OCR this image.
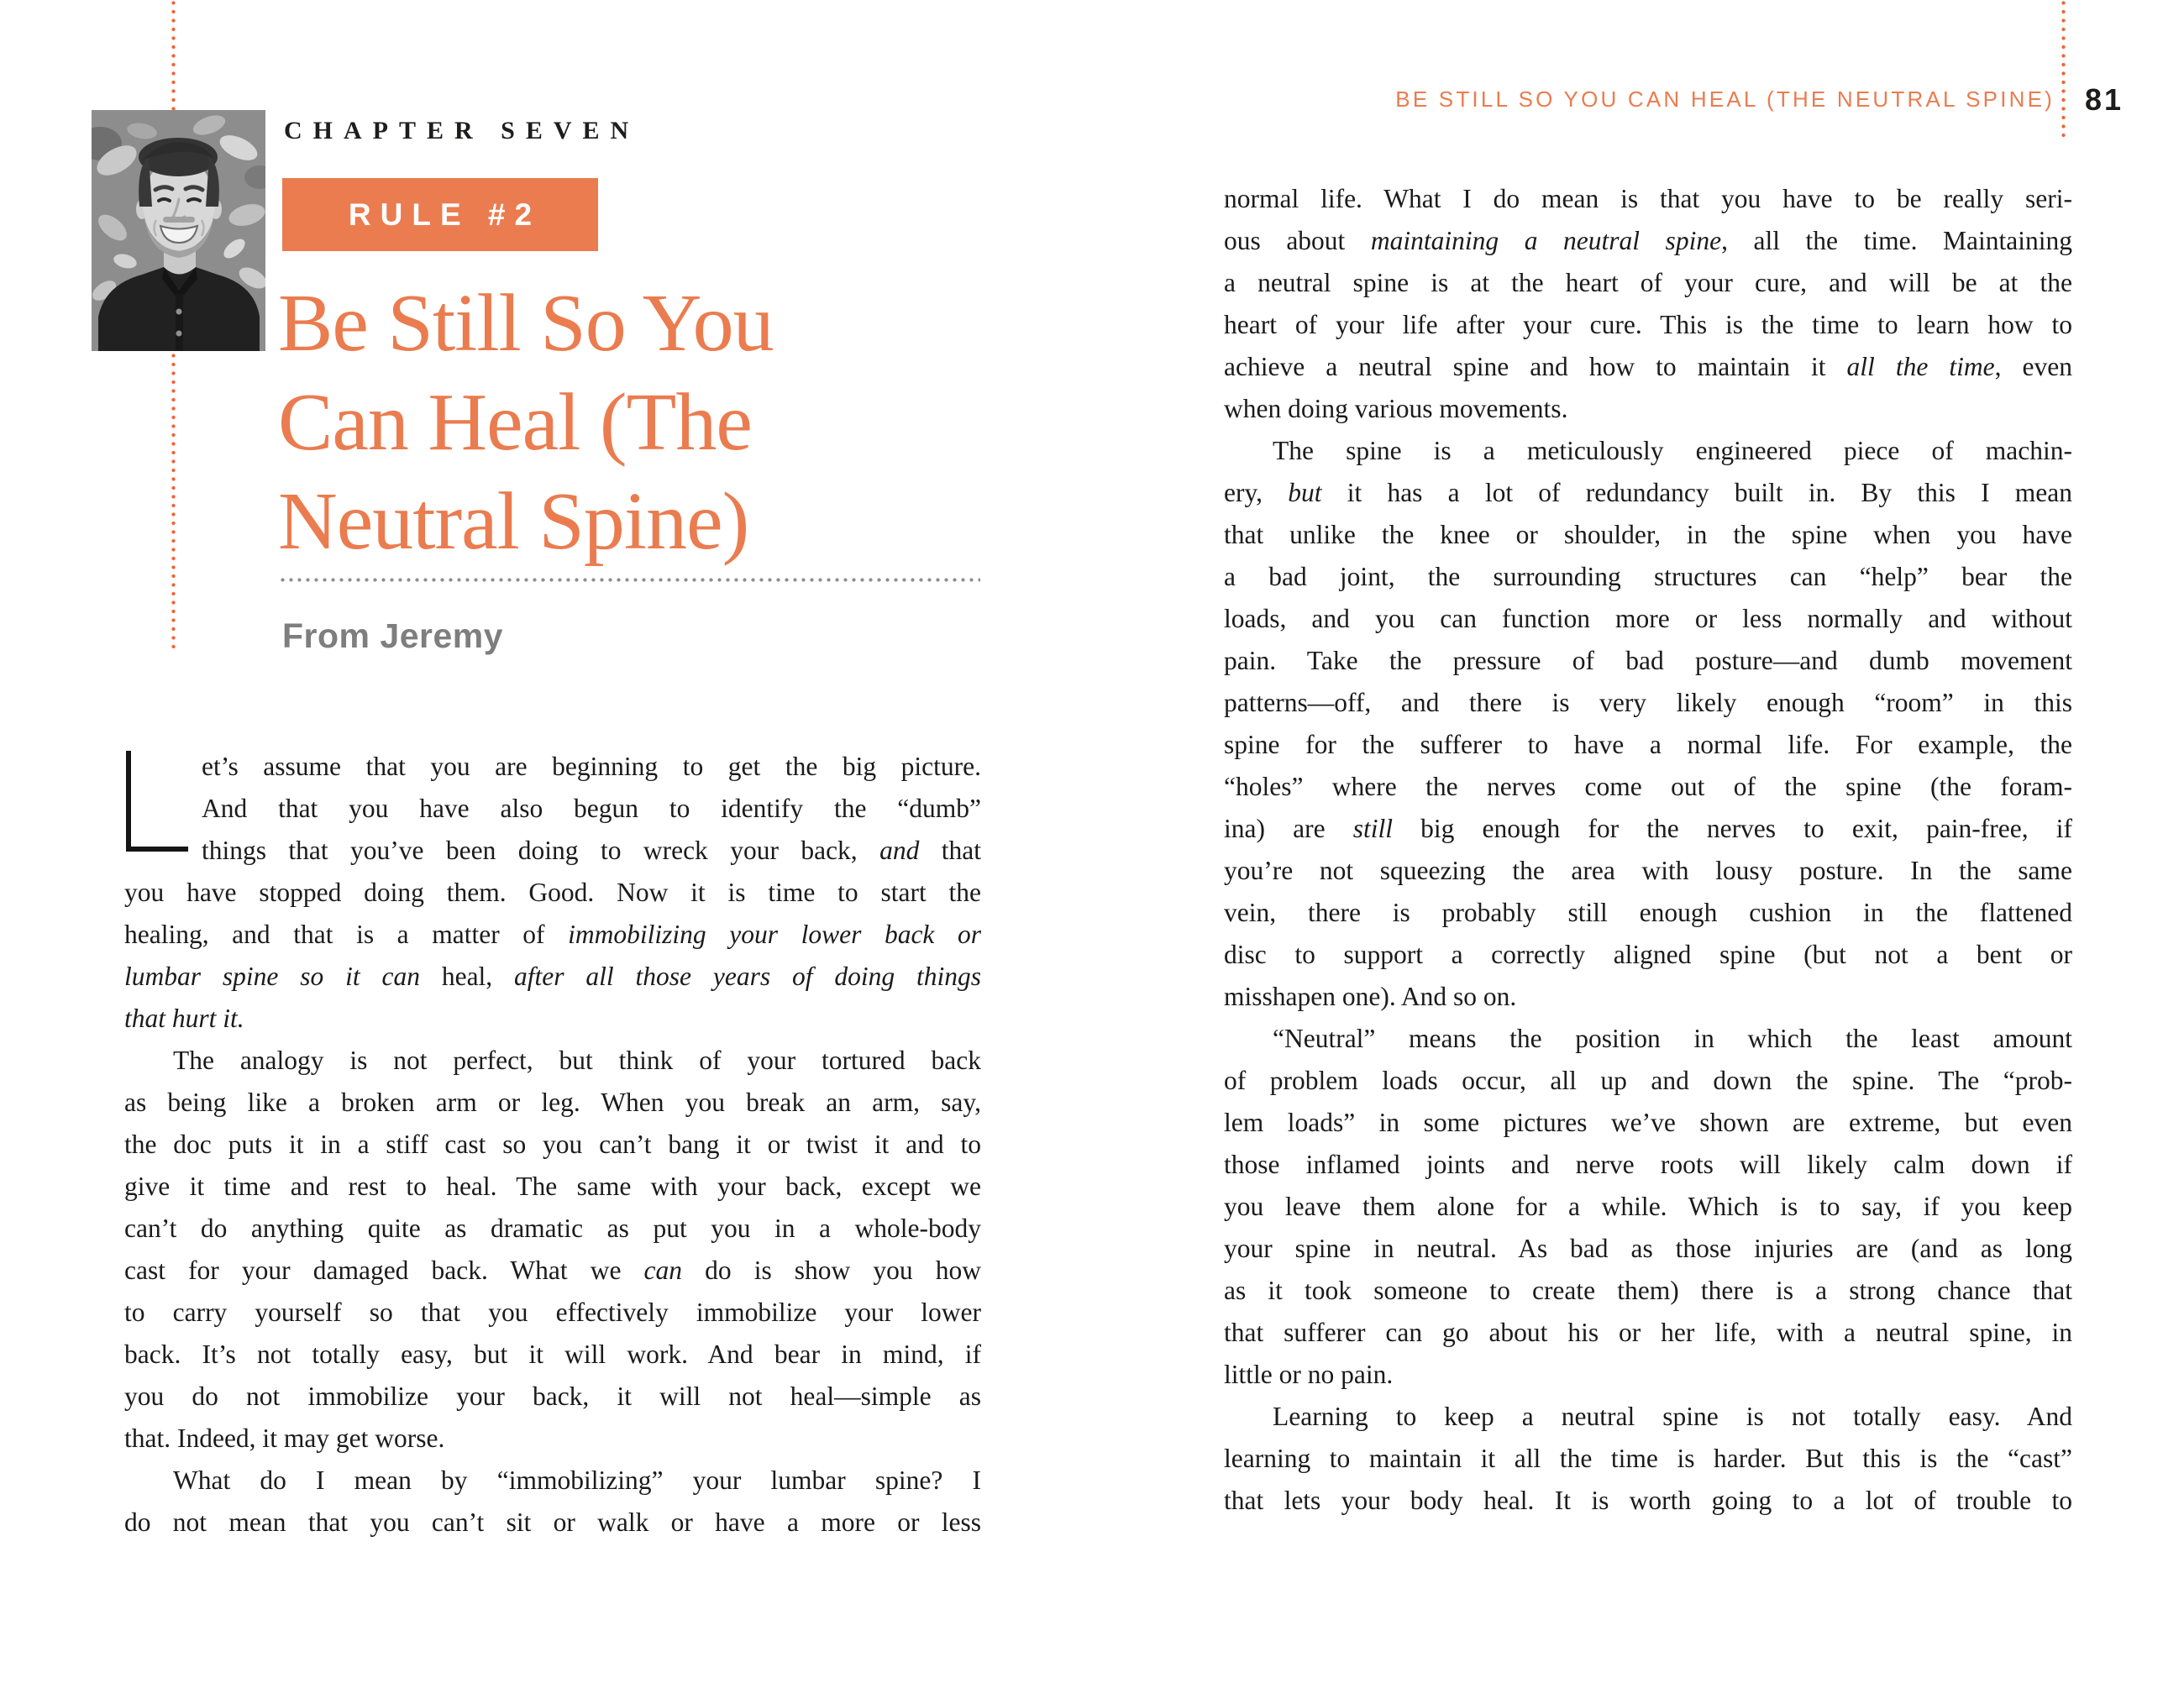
CHAPTER SEVEN
RULE #2
Be Still So You
Can Heal (The
Neutral Spine)
From Jeremy
et’s assume that you are beginning to get the big picture.
And that you have also begun to identify the “dumb”
things that you’ve been doing to wreck your back, and that
you have stopped doing them. Good. Now it is time to start the
healing, and that is a matter of immobilizing your lower back or
lumbar spine so it can heal, after all those years of doing things
that hurt it.
The analogy is not perfect, but think of your tortured back
as being like a broken arm or leg. When you break an arm, say,
the doc puts it in a stiff cast so you can’t bang it or twist it and to
give it time and rest to heal. The same with your back, except we
can’t do anything quite as dramatic as put you in a whole-body
cast for your damaged back. What we can do is show you how
to carry yourself so that you effectively immobilize your lower
back. It’s not totally easy, but it will work. And bear in mind, if
you do not immobilize your back, it will not heal—simple as
that. Indeed, it may get worse.
What do I mean by “immobilizing” your lumbar spine? I
do not mean that you can’t sit or walk or have a more or less
BE STILL SO YOU CAN HEAL (THE NEUTRAL SPINE) 81
normal life. What I do mean is that you have to be really seri-
ous about maintaining a neutral spine, all the time. Maintaining
a neutral spine is at the heart of your cure, and will be at the
heart of your life after your cure. This is the time to learn how to
achieve a neutral spine and how to maintain it all the time, even
when doing various movements.
The spine is a meticulously engineered piece of machin-
ery, but it has a lot of redundancy built in. By this I mean
that unlike the knee or shoulder, in the spine when you have
a bad joint, the surrounding structures can “help” bear the
loads, and you can function more or less normally and without
pain. Take the pressure of bad posture—and dumb movement
patterns—off, and there is very likely enough “room” in this
spine for the sufferer to have a normal life. For example, the
“holes” where the nerves come out of the spine (the foram-
ina) are still big enough for the nerves to exit, pain-free, if
you’re not squeezing the area with lousy posture. In the same
vein, there is probably still enough cushion in the flattened
disc to support a correctly aligned spine (but not a bent or
misshapen one). And so on.
“Neutral” means the position in which the least amount
of problem loads occur, all up and down the spine. The “prob-
lem loads” in some pictures we’ve shown are extreme, but even
those inflamed joints and nerve roots will likely calm down if
you leave them alone for a while. Which is to say, if you keep
your spine in neutral. As bad as those injuries are (and as long
as it took someone to create them) there is a strong chance that
that sufferer can go about his or her life, with a neutral spine, in
little or no pain.
Learning to keep a neutral spine is not totally easy. And
learning to maintain it all the time is harder. But this is the “cast”
that lets your body heal. It is worth going to a lot of trouble to
